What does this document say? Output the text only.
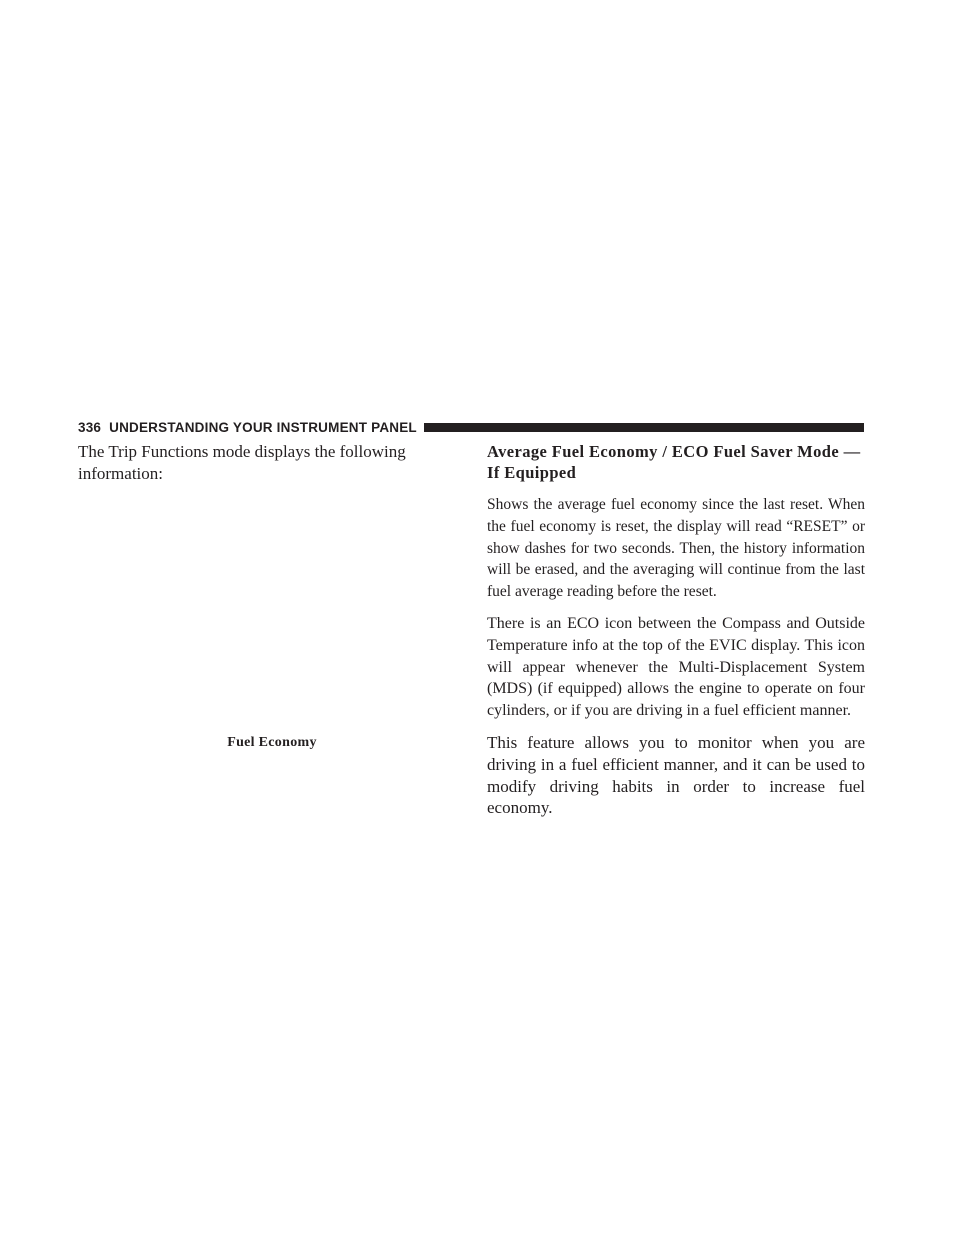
336 UNDERSTANDING YOUR INSTRUMENT PANEL

The Trip Functions mode displays the following information:

Fuel Economy
Average Fuel Economy / ECO Fuel Saver Mode — If Equipped

Shows the average fuel economy since the last reset. When the fuel economy is reset, the display will read “RESET” or show dashes for two seconds. Then, the history information will be erased, and the averaging will continue from the last fuel average reading before the reset.

There is an ECO icon between the Compass and Outside Temperature info at the top of the EVIC display. This icon will appear whenever the Multi-Displacement System (MDS) (if equipped) allows the engine to operate on four cylinders, or if you are driving in a fuel efficient manner.

This feature allows you to monitor when you are driving in a fuel efficient manner, and it can be used to modify driving habits in order to increase fuel economy.
